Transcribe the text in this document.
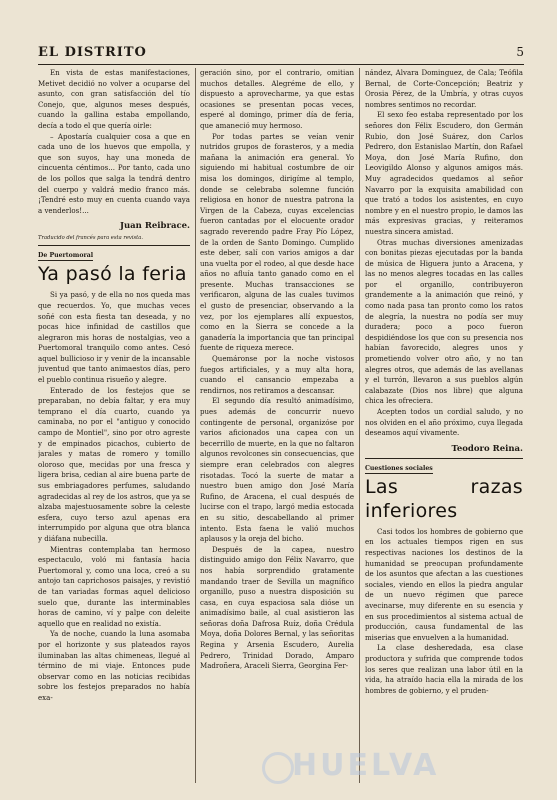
EL DISTRITO	5

En vista de estas manifestaciones, Metivet decidió no volver a ocuparse del asunto, con gran satisfacción del tío Conejo, que, algunos meses después, cuando la gallina estaba empollando, decía a todo el que quería oirle:

– Apostaría cualquier cosa a que en cada uno de los huevos que empolla, y que son suyos, hay una moneda de cincuenta céntimos... Por tanto, cada uno de los pollos que salga la tendrá dentro del cuerpo y valdrá medio franco más. ¡Tendré esto muy en cuenta cuando vaya a venderlos!...

Juan Reibrace.

Traducido del francés para esta revista.

De Puertomoral
Ya pasó la feria

Si ya pasó, y de ella no nos queda mas que recuerdos. Yo, que muchas veces soñé con esta fiesta tan deseada, y no pocas hice infinidad de castillos que alegraron mis horas de nostalgias, veo a Puertomoral tranquilo como antes. Cesó aquel bullicioso ir y venir de la incansable juventud que tanto animaestos días, pero el pueblo continua risueño y alegre.

Enterado de los festejos que se preparaban, no debía faltar, y era muy temprano el día cuarto, cuando ya caminaba, no por el "antiguo y conocido campo de Montiel", sino por otro agreste y de empinados picachos, cubierto de jarales y matas de romero y tomillo oloroso que, mecidas por una fresca y ligera brisa, cedian al aire buena parte de sus embriagadores perfumes, saludando agradecidas al rey de los astros, que ya se alzaba majestuosamente sobre la celeste esfera, cuyo terso azul apenas era interrumpido por alguna que otra blanca y diáfana nubecilla.

Mientras contemplaba tan hermoso espectaculo, voló mi fantasía hacia Puertomoral y, como una loca, creó a su antojo tan caprichosos paisajes, y revistió de tan variadas formas aquel delicioso suelo que, durante las interminables horas de camino, ví y palpe con deleite aquello que en realidad no existía.

Ya de noche, cuando la luna asomaba por el horizonte y sus plateados rayos iluminaban las altas chimeneas, llegué al término de mi viaje. Entonces pude observar como en las noticias recibidas sobre los festejos preparados no había exa-

geración sino, por el contrario, omitian muchos detalles. Alegréme de ello, y dispuesto a aprovecharme, ya que estas ocasiones se presentan pocas veces, esperé al domingo, primer día de feria, que amaneció muy hermoso.

Por todas partes se veían venir nutridos grupos de forasteros, y a media mañana la animación era general. Yo siguiendo mi habitual costumbre de oir misa los domingos, dirigíme al templo, donde se celebraba solemne función religiosa en honor de nuestra patrona la Virgen de la Cabeza, cuyas excelencias fueron cantadas por el elocuente orador sagrado reverendo padre Fray Pío López, de la orden de Santo Domingo. Cumplido este deber, salí con varios amigos a dar una vuelta por el rodeo, al que desde hace años no afluía tanto ganado como en el presente. Muchas transacciones se verificaron, alguna de las cuales tuvimos el gusto de presenciar, observando a la vez, por los ejemplares allí expuestos, como en la Sierra se concede a la ganadería la importancia que tan principal fuente de riqueza merece.

Quemáronse por la noche vistosos fuegos artificiales, y a muy alta hora, cuando el cansancio empezaba a rendirnos, nos retiramos a descansar.

El segundo día resultó animadísimo, pues además de concurrir nuevo contingente de personal, organizóse por varios aficionados una capea con un becerrillo de muerte, en la que no faltaron algunos revolcones sin consecuencias, que siempre eran celebrados con alegres risotadas. Tocó la suerte de matar a nuestro buen amigo don José María Rufino, de Aracena, el cual después de lucirse con el trapo, largó media estocada en su sitio, descabellando al primer intento. Esta faena le valió muchos aplausos y la oreja del bicho.

Después de la capea, nuestro distinguido amigo don Félix Navarro, que nos había sorprendido gratamente mandando traer de Sevilla un magnífico organillo, puso a nuestra disposición su casa, en cuya espaciosa sala dióse un animadísimo baile, al cual asistieron las señoras doña Dafrosa Ruíz, doña Crédula Moya, doña Dolores Bernal, y las señoritas Regina y Arsenia Escudero, Aurelia Pedrero, Trinidad Dorado, Amparo Madroñera, Araceli Sierra, Georgina Fer-

nández, Alvara Dominguez, de Cala; Teófila Bernal, de Corte-Concepción; Beatriz y Orosia Pérez, de la Umbría, y otras cuyos nombres sentimos no recordar.

El sexo feo estaba representado por los señores don Félix Escudero, don Germán Rubio, don José Suárez, don Carlos Pedrero, don Estanislao Martín, don Rafael Moya, don José María Rufino, don Leovigildo Alonso y algunos amigos más. Muy agradecidos quedamos al señor Navarro por la exquisita amabilidad con que trató a todos los asistentes, en cuyo nombre y en el nuestro propio, le damos las más expresivas gracias, y reiteramos nuestra sincera amistad.

Otras muchas diversiones amenizadas con bonitas piezas ejecutadas por la banda de música de Higuera junto a Aracena, y las no menos alegres tocadas en las calles por el organillo, contribuyeron grandemente a la animación que reinó, y como nada pasa tan pronto como los ratos de alegría, la nuestra no podía ser muy duradera; poco a poco fueron despidiéndose los que con su presencia nos habían favorecido, alegres unos y prometiendo volver otro año, y no tan alegres otros, que además de las avellanas y el turrón, llevaron a sus pueblos algún calabazate (Dios nos libre) que alguna chica les ofreciera.

Acepten todos un cordial saludo, y no nos olviden en el año próximo, cuya llegada deseamos aquí vivamente.

Teodoro Reina.
Cuestiones sociales
Las razas inferiores

Casi todos los hombres de gobierno que en los actuales tiempos rigen en sus respectivas naciones los destinos de la humanidad se preocupan profundamente de los asuntos que afectan a las cuestiones sociales, viendo en ellos la piedra angular de un nuevo régimen que parece avecinarse, muy diferente en su esencia y en sus procedimientos al sistema actual de producción, causa fundamental de las miserias que envuelven a la humanidad.

La clase desheredada, esa clase productora y sufrida que comprende todos los seres que realizan una labor útil en la vida, ha atraído hacia ella la mirada de los hombres de gobierno, y el pruden-

HUELVA
